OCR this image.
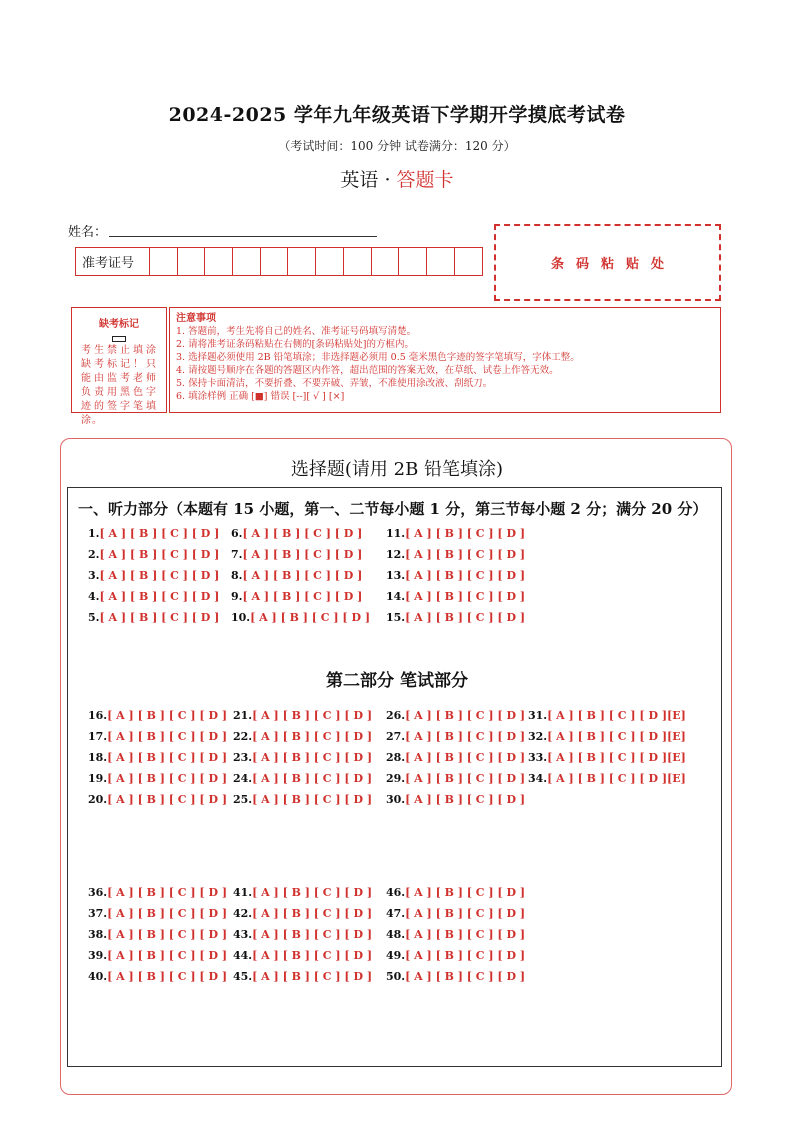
2024-2025 学年九年级英语下学期开学摸底考试卷
（考试时间：100 分钟 试卷满分：120 分）
英语 · 答题卡
姓名：
准考证号	条码粘贴处
缺考标记
考生禁止填涂缺考标记！只能由监考老师负责用黑色字迹的签字笔填涂。
注意事项
1. 答题前，考生先将自己的姓名、准考证号码填写清楚。
2. 请将准考证条码粘贴在右侧的[条码粘贴处]的方框内。
3. 选择题必须使用 2B 铅笔填涂；非选择题必须用 0.5 毫米黑色字迹的签字笔填写，字体工整。
4. 请按题号顺序在各题的答题区内作答，超出范围的答案无效，在草纸、试卷上作答无效。
5. 保持卡面清洁，不要折叠、不要弄破、弄皱，不准使用涂改液、刮纸刀。
6. 填涂样例 正确 [■] 错误 [--][ √ ] [×]
选择题(请用 2B 铅笔填涂)
一、听力部分（本题有 15 小题，第一、二节每小题 1 分，第三节每小题 2 分；满分 20 分）
第二部分 笔试部分
1.[ A ] [ B ] [ C ] [ D ]
2.[ A ] [ B ] [ C ] [ D ]
3.[ A ] [ B ] [ C ] [ D ]
4.[ A ] [ B ] [ C ] [ D ]
5.[ A ] [ B ] [ C ] [ D ]
6.[ A ] [ B ] [ C ] [ D ]
7.[ A ] [ B ] [ C ] [ D ]
8.[ A ] [ B ] [ C ] [ D ]
9.[ A ] [ B ] [ C ] [ D ]
10.[ A ] [ B ] [ C ] [ D ]
11.[ A ] [ B ] [ C ] [ D ]
12.[ A ] [ B ] [ C ] [ D ]
13.[ A ] [ B ] [ C ] [ D ]
14.[ A ] [ B ] [ C ] [ D ]
15.[ A ] [ B ] [ C ] [ D ]
16.[ A ] [ B ] [ C ] [ D ]
17.[ A ] [ B ] [ C ] [ D ]
18.[ A ] [ B ] [ C ] [ D ]
19.[ A ] [ B ] [ C ] [ D ]
20.[ A ] [ B ] [ C ] [ D ]
21.[ A ] [ B ] [ C ] [ D ]
22.[ A ] [ B ] [ C ] [ D ]
23.[ A ] [ B ] [ C ] [ D ]
24.[ A ] [ B ] [ C ] [ D ]
25.[ A ] [ B ] [ C ] [ D ]
26.[ A ] [ B ] [ C ] [ D ]
27.[ A ] [ B ] [ C ] [ D ]
28.[ A ] [ B ] [ C ] [ D ]
29.[ A ] [ B ] [ C ] [ D ]
30.[ A ] [ B ] [ C ] [ D ]
31.[ A ] [ B ] [ C ] [ D ][E]
32.[ A ] [ B ] [ C ] [ D ][E]
33.[ A ] [ B ] [ C ] [ D ][E]
34.[ A ] [ B ] [ C ] [ D ][E]
36.[ A ] [ B ] [ C ] [ D ]
37.[ A ] [ B ] [ C ] [ D ]
38.[ A ] [ B ] [ C ] [ D ]
39.[ A ] [ B ] [ C ] [ D ]
40.[ A ] [ B ] [ C ] [ D ]
41.[ A ] [ B ] [ C ] [ D ]
42.[ A ] [ B ] [ C ] [ D ]
43.[ A ] [ B ] [ C ] [ D ]
44.[ A ] [ B ] [ C ] [ D ]
45.[ A ] [ B ] [ C ] [ D ]
46.[ A ] [ B ] [ C ] [ D ]
47.[ A ] [ B ] [ C ] [ D ]
48.[ A ] [ B ] [ C ] [ D ]
49.[ A ] [ B ] [ C ] [ D ]
50.[ A ] [ B ] [ C ] [ D ]
